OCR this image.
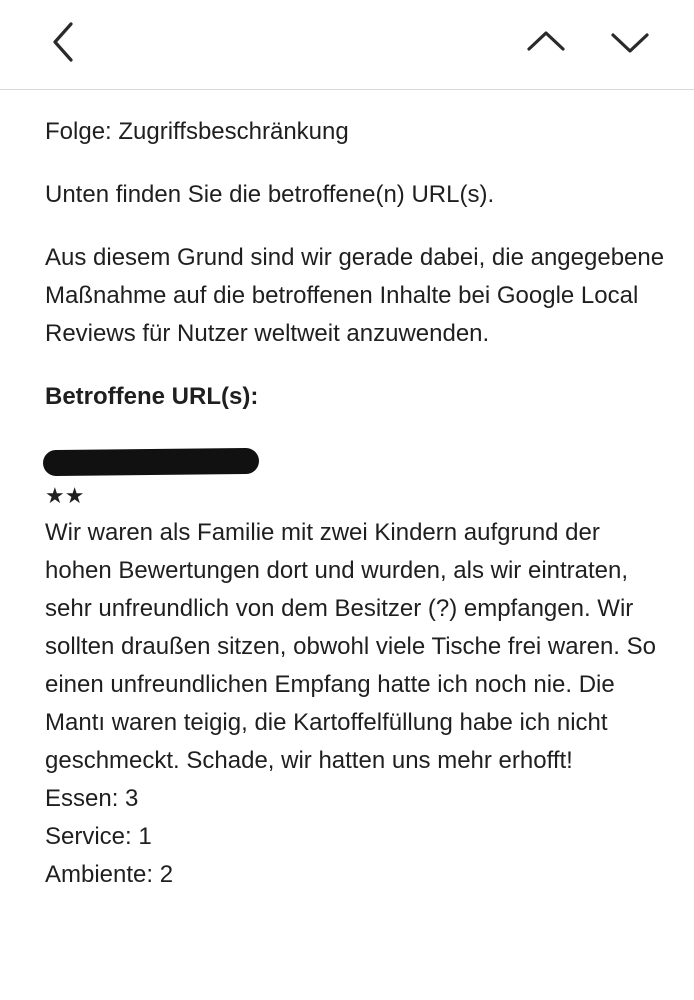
Folge: Zugriffsbeschränkung

Unten finden Sie die betroffene(n) URL(s).

Aus diesem Grund sind wir gerade dabei, die angegebene Maßnahme auf die betroffenen Inhalte bei Google Local Reviews für Nutzer weltweit anzuwenden.

Betroffene URL(s):

★★

Wir waren als Familie mit zwei Kindern aufgrund der hohen Bewertungen dort und wurden, als wir eintraten, sehr unfreundlich von dem Besitzer (?) empfangen. Wir sollten draußen sitzen, obwohl viele Tische frei waren. So einen unfreundlichen Empfang hatte ich noch nie. Die Mantı waren teigig, die Kartoffelfüllung habe ich nicht geschmeckt. Schade, wir hatten uns mehr erhofft!

Essen: 3

Service: 1

Ambiente: 2
